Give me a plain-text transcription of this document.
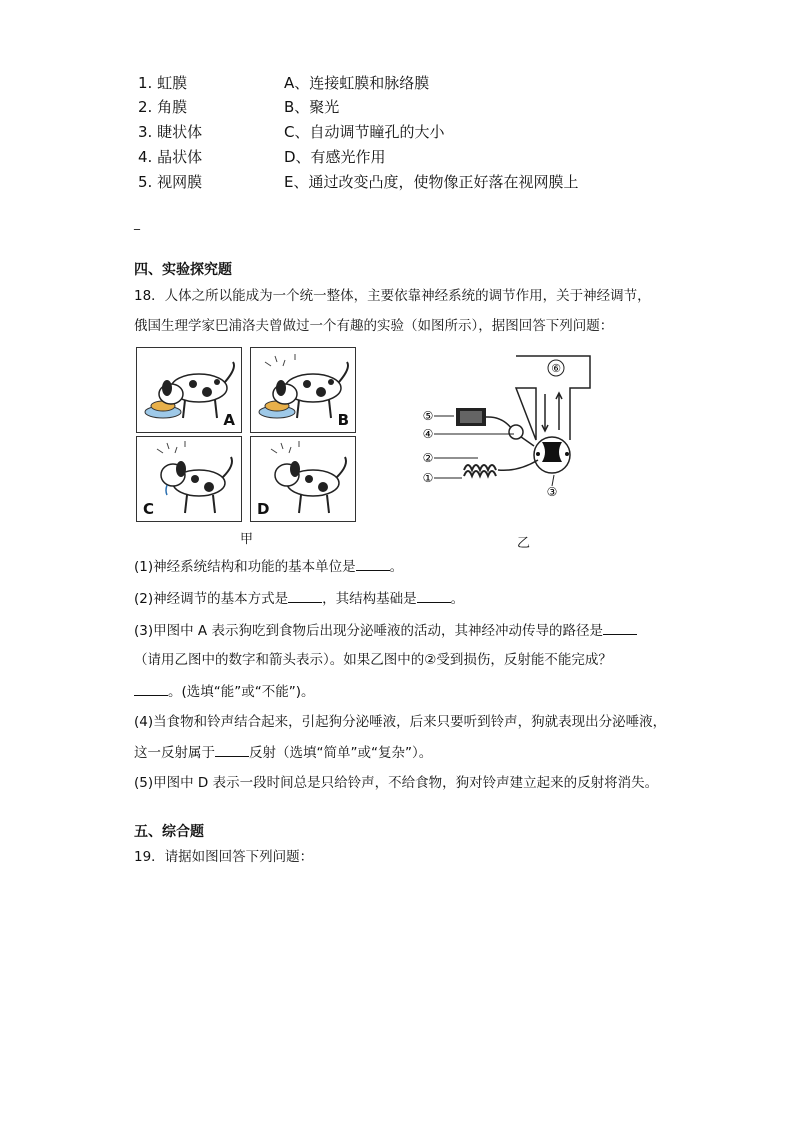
1. 虹膜	A、连接虹膜和脉络膜
2. 角膜	B、聚光
3. 睫状体	C、自动调节瞳孔的大小
4. 晶状体	D、有感光作用
5. 视网膜	E、通过改变凸度，使物像正好落在视网膜上
_
四、实验探究题
18．人体之所以能成为一个统一整体，主要依靠神经系统的调节作用，关于神经调节，
俄国生理学家巴浦洛夫曾做过一个有趣的实验（如图所示），据图回答下列问题：
A	B
C	D
甲
⑥
⑤
④
②
①
③
乙
(1)神经系统结构和功能的基本单位是	。
(2)神经调节的基本方式是	，其结构基础是	。
(3)甲图中 A 表示狗吃到食物后出现分泌唾液的活动，其神经冲动传导的路径是
（请用乙图中的数字和箭头表示）。如果乙图中的②受到损伤，反射能不能完成？
。(选填“能”或“不能”)。
(4)当食物和铃声结合起来，引起狗分泌唾液，后来只要听到铃声，狗就表现出分泌唾液，
这一反射属于	反射（选填“简单”或“复杂”）。
(5)甲图中 D 表示一段时间总是只给铃声，不给食物，狗对铃声建立起来的反射将消失。
五、综合题
19．请据如图回答下列问题：
